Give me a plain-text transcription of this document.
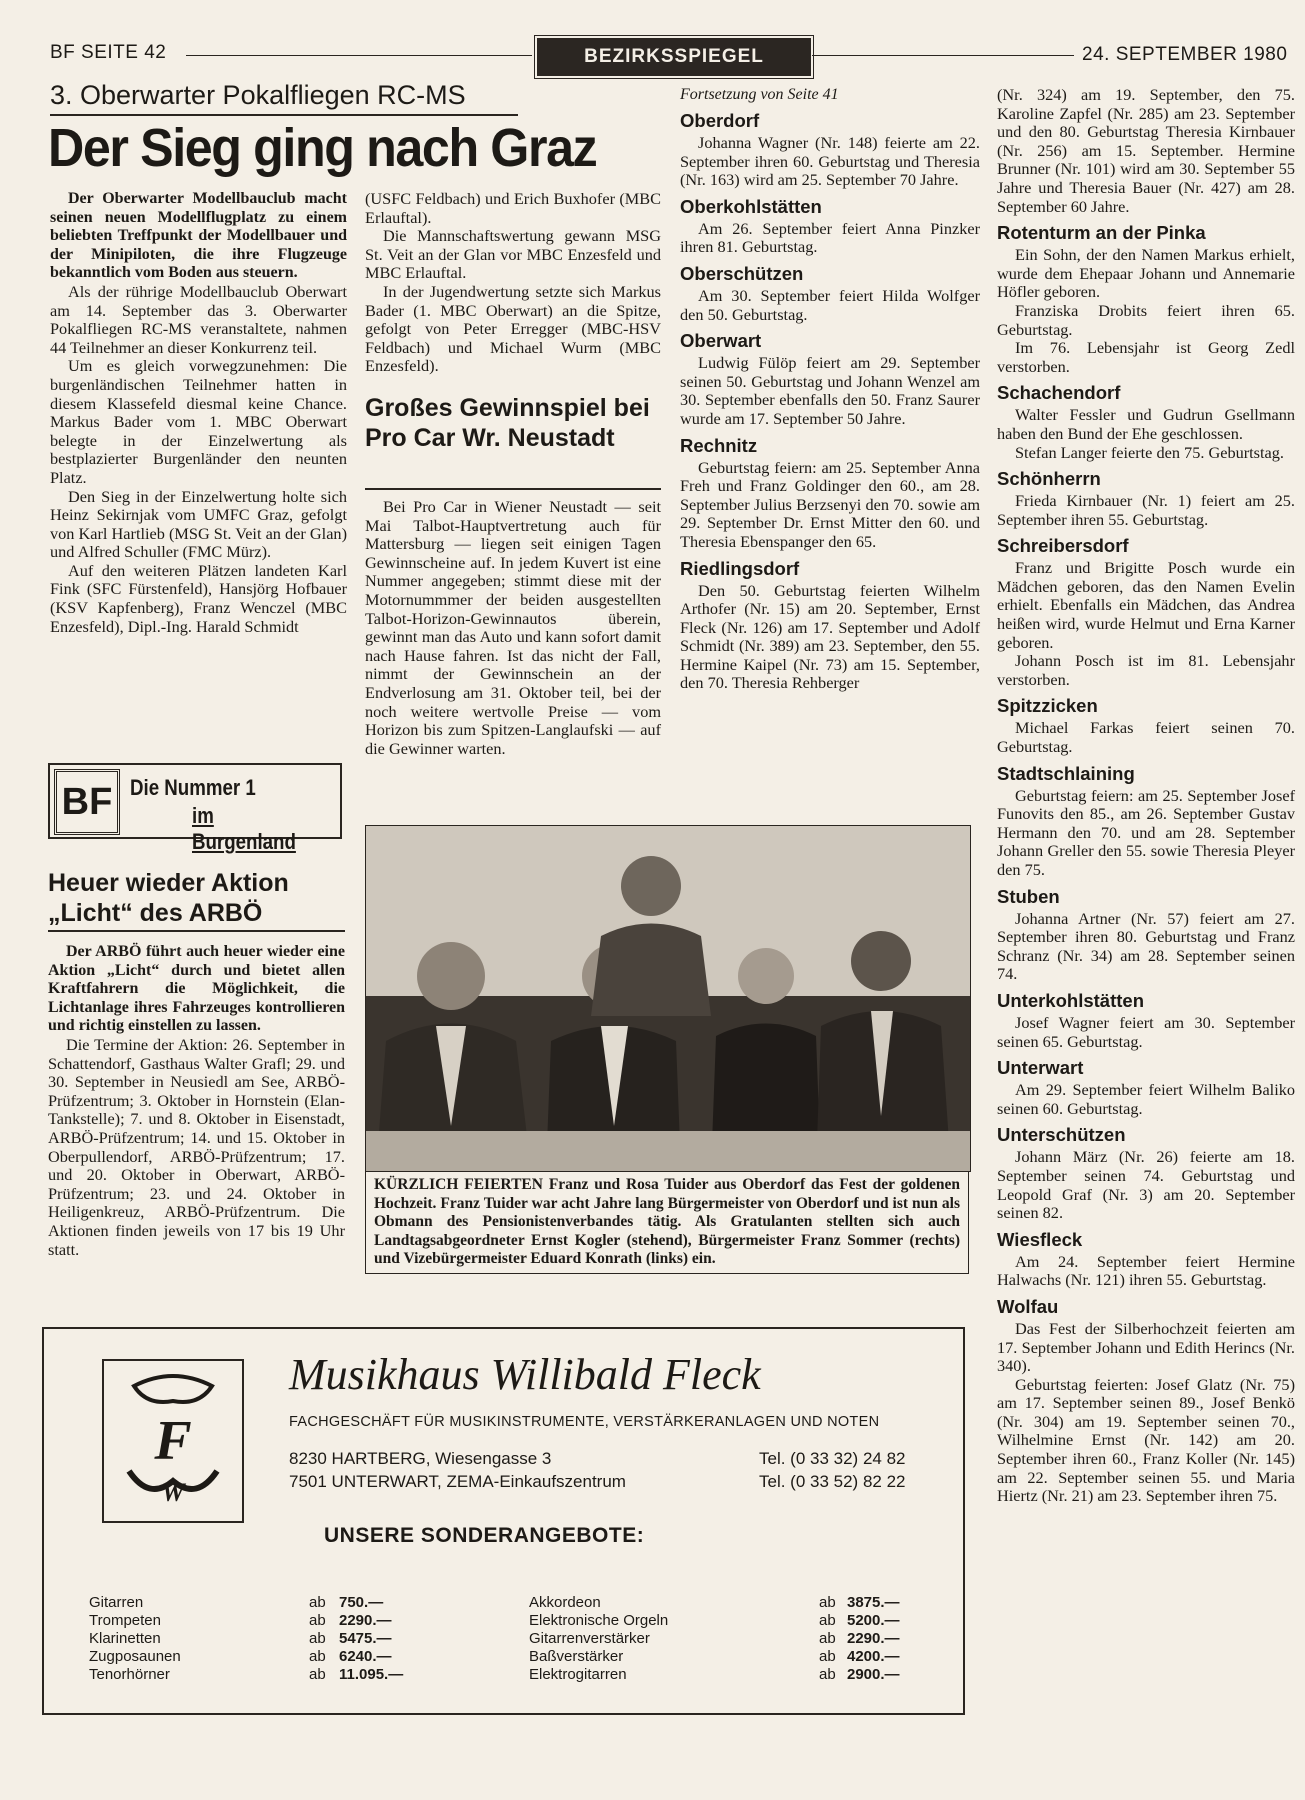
BF SEITE 42	BEZIRKSSPIEGEL	24. SEPTEMBER 1980
3. Oberwarter Pokalfliegen RC-MS
Der Sieg ging nach Graz

Der Oberwarter Modellbauclub macht seinen neuen Modellflugplatz zu einem beliebten Treffpunkt der Modellbauer und der Minipiloten, die ihre Flugzeuge bekanntlich vom Boden aus steuern.

Als der rührige Modellbauclub Oberwart am 14. September das 3. Oberwarter Pokalfliegen RC-MS veranstaltete, nahmen 44 Teilnehmer an dieser Konkurrenz teil.

Um es gleich vorwegzunehmen: Die burgenländischen Teilnehmer hatten in diesem Klassefeld diesmal keine Chance. Markus Bader vom 1. MBC Oberwart belegte in der Einzelwertung als bestplazierter Burgenländer den neunten Platz.

Den Sieg in der Einzelwertung holte sich Heinz Sekirnjak vom UMFC Graz, gefolgt von Karl Hartlieb (MSG St. Veit an der Glan) und Alfred Schuller (FMC Mürz).

Auf den weiteren Plätzen landeten Karl Fink (SFC Fürstenfeld), Hansjörg Hofbauer (KSV Kapfenberg), Franz Wenczel (MBC Enzesfeld), Dipl.-Ing. Harald Schmidt

(USFC Feldbach) und Erich Buxhofer (MBC Erlauftal).

Die Mannschaftswertung gewann MSG St. Veit an der Glan vor MBC Enzesfeld und MBC Erlauftal.

In der Jugendwertung setzte sich Markus Bader (1. MBC Oberwart) an die Spitze, gefolgt von Peter Erregger (MBC-HSV Feldbach) und Michael Wurm (MBC Enzesfeld).

Großes Gewinnspiel bei Pro Car Wr. Neustadt

Bei Pro Car in Wiener Neustadt — seit Mai Talbot-Hauptvertretung auch für Mattersburg — liegen seit einigen Tagen Gewinnscheine auf. In jedem Kuvert ist eine Nummer angegeben; stimmt diese mit der Motornummmer der beiden ausgestellten Talbot-Horizon-Gewinnautos überein, gewinnt man das Auto und kann sofort damit nach Hause fahren. Ist das nicht der Fall, nimmt der Gewinnschein an der Endverlosung am 31. Oktober teil, bei der noch weitere wertvolle Preise — vom Horizon bis zum Spitzen-Langlaufski — auf die Gewinner warten.

BF Die Nummer 1
im Burgenland
Heuer wieder Aktion „Licht“ des ARBÖ

Der ARBÖ führt auch heuer wieder eine Aktion „Licht“ durch und bietet allen Kraftfahrern die Möglichkeit, die Lichtanlage ihres Fahrzeuges kontrollieren und richtig einstellen zu lassen.

Die Termine der Aktion: 26. September in Schattendorf, Gasthaus Walter Grafl; 29. und 30. September in Neusiedl am See, ARBÖ-Prüfzentrum; 3. Oktober in Hornstein (Elan-Tankstelle); 7. und 8. Oktober in Eisenstadt, ARBÖ-Prüfzentrum; 14. und 15. Oktober in Oberpullendorf, ARBÖ-Prüfzentrum; 17. und 20. Oktober in Oberwart, ARBÖ-Prüfzentrum; 23. und 24. Oktober in Heiligenkreuz, ARBÖ-Prüfzentrum. Die Aktionen finden jeweils von 17 bis 19 Uhr statt.

Fortsetzung von Seite 41
Oberdorf

Johanna Wagner (Nr. 148) feierte am 22. September ihren 60. Geburtstag und Theresia (Nr. 163) wird am 25. September 70 Jahre.

Oberkohlstätten

Am 26. September feiert Anna Pinzker ihren 81. Geburtstag.

Oberschützen

Am 30. September feiert Hilda Wolfger den 50. Geburtstag.

Oberwart

Ludwig Fülöp feiert am 29. September seinen 50. Geburtstag und Johann Wenzel am 30. September ebenfalls den 50. Franz Saurer wurde am 17. September 50 Jahre.

Rechnitz

Geburtstag feiern: am 25. September Anna Freh und Franz Goldinger den 60., am 28. September Julius Berzsenyi den 70. sowie am 29. September Dr. Ernst Mitter den 60. und Theresia Ebenspanger den 65.

Riedlingsdorf

Den 50. Geburtstag feierten Wilhelm Arthofer (Nr. 15) am 20. September, Ernst Fleck (Nr. 126) am 17. September und Adolf Schmidt (Nr. 389) am 23. September, den 55. Hermine Kaipel (Nr. 73) am 15. September, den 70. Theresia Rehberger

KÜRZLICH FEIERTEN Franz und Rosa Tuider aus Oberdorf das Fest der goldenen Hochzeit. Franz Tuider war acht Jahre lang Bürgermeister von Oberdorf und ist nun als Obmann des Pensionistenverbandes tätig. Als Gratulanten stellten sich auch Landtagsabgeordneter Ernst Kogler (stehend), Bürgermeister Franz Sommer (rechts) und Vizebürgermeister Eduard Konrath (links) ein.

(Nr. 324) am 19. September, den 75. Karoline Zapfel (Nr. 285) am 23. September und den 80. Geburtstag Theresia Kirnbauer (Nr. 256) am 15. September. Hermine Brunner (Nr. 101) wird am 30. September 55 Jahre und Theresia Bauer (Nr. 427) am 28. September 60 Jahre.

Rotenturm an der Pinka

Ein Sohn, der den Namen Markus erhielt, wurde dem Ehepaar Johann und Annemarie Höfler geboren.

Franziska Drobits feiert ihren 65. Geburtstag.

Im 76. Lebensjahr ist Georg Zedl verstorben.

Schachendorf

Walter Fessler und Gudrun Gsellmann haben den Bund der Ehe geschlossen.

Stefan Langer feierte den 75. Geburtstag.

Schönherrn

Frieda Kirnbauer (Nr. 1) feiert am 25. September ihren 55. Geburtstag.

Schreibersdorf

Franz und Brigitte Posch wurde ein Mädchen geboren, das den Namen Evelin erhielt. Ebenfalls ein Mädchen, das Andrea heißen wird, wurde Helmut und Erna Karner geboren.

Johann Posch ist im 81. Lebensjahr verstorben.

Spitzzicken

Michael Farkas feiert seinen 70. Geburtstag.

Stadtschlaining

Geburtstag feiern: am 25. September Josef Funovits den 85., am 26. September Gustav Hermann den 70. und am 28. September Johann Greller den 55. sowie Theresia Pleyer den 75.

Stuben

Johanna Artner (Nr. 57) feiert am 27. September ihren 80. Geburtstag und Franz Schranz (Nr. 34) am 28. September seinen 74.

Unterkohlstätten

Josef Wagner feiert am 30. September seinen 65. Geburtstag.

Unterwart

Am 29. September feiert Wilhelm Baliko seinen 60. Geburtstag.

Unterschützen

Johann März (Nr. 26) feierte am 18. September seinen 74. Geburtstag und Leopold Graf (Nr. 3) am 20. September seinen 82.

Wiesfleck

Am 24. September feiert Hermine Halwachs (Nr. 121) ihren 55. Geburtstag.

Wolfau

Das Fest der Silberhochzeit feierten am 17. September Johann und Edith Herincs (Nr. 340).

Geburtstag feierten: Josef Glatz (Nr. 75) am 17. September seinen 89., Josef Benkö (Nr. 304) am 19. September seinen 70., Wilhelmine Ernst (Nr. 142) am 20. September ihren 60., Franz Koller (Nr. 145) am 22. September seinen 55. und Maria Hiertz (Nr. 21) am 23. September ihren 75.

F
W
Musikhaus Willibald Fleck
FACHGESCHÄFT FÜR MUSIKINSTRUMENTE, VERSTÄRKERANLAGEN UND NOTEN
8230 HARTBERG, Wiesengasse 3	Tel. (0 33 32) 24 82
7501 UNTERWART, ZEMA-Einkaufszentrum	Tel. (0 33 52) 82 22
UNSERE SONDERANGEBOTE:
Gitarren	ab	750.—
Trompeten	ab	2290.—
Klarinetten	ab	5475.—
Zugposaunen	ab	6240.—
Tenorhörner	ab	11.095.—
Akkordeon	ab	3875.—
Elektronische Orgeln	ab	5200.—
Gitarrenverstärker	ab	2290.—
Baßverstärker	ab	4200.—
Elektrogitarren	ab	2900.—
